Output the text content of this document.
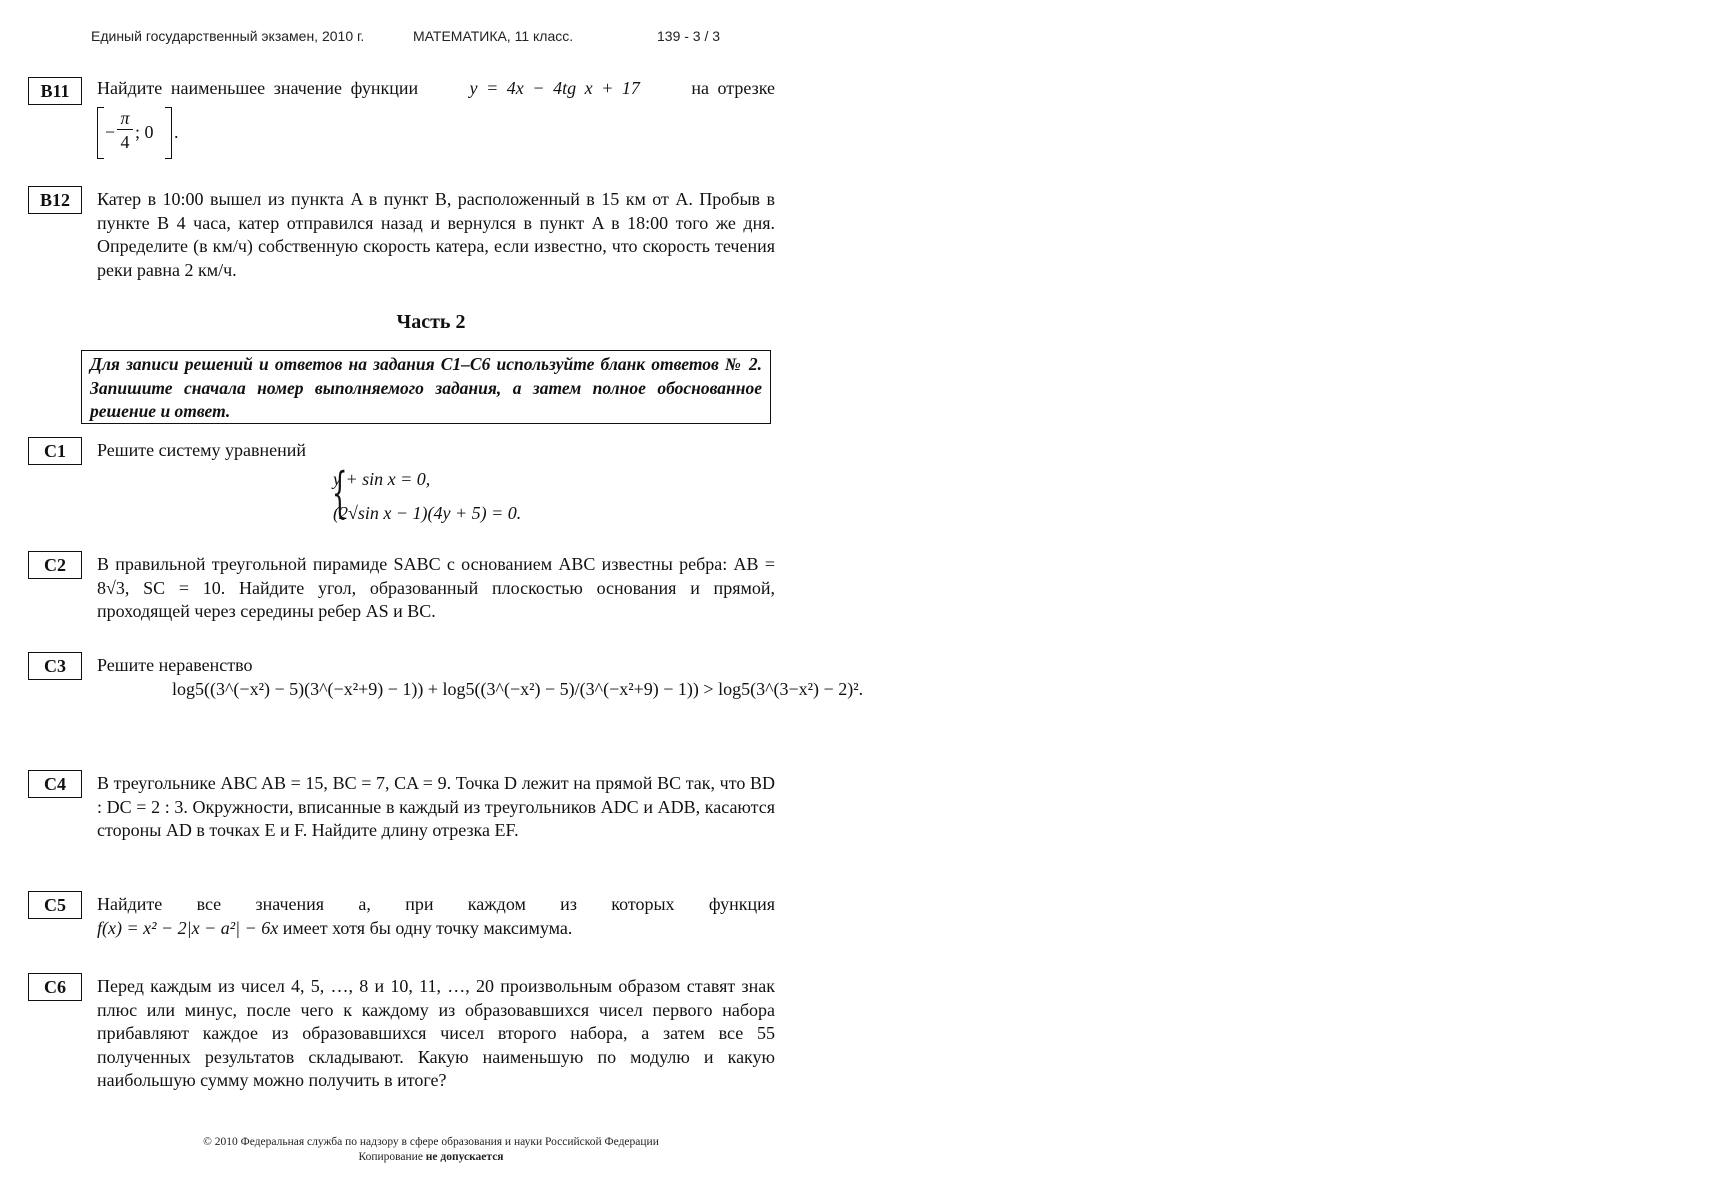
Единый государственный экзамен, 2010 г.	МАТЕМАТИКА, 11 класс.	139 - 3 / 3
B11	Найдите наименьшее значение функции	y = 4x − 4tg x + 17	на отрезке
−
π
4 ; 0 .
B12	Катер в 10:00 вышел из пункта A в пункт B, расположенный в 15 км от A. Пробыв в пункте B 4 часа, катер отправился назад и вернулся в пункт A в 18:00 того же дня. Определите (в км/ч) собственную скорость катера, если известно, что скорость течения реки равна 2 км/ч.
Часть 2
Для записи решений и ответов на задания С1–С6 используйте бланк ответов № 2. Запишите сначала номер выполняемого задания, а затем полное обоснованное решение и ответ.
C1	Решите систему уравнений
{
y + sin x = 0,
(2√sin x − 1)(4y + 5) = 0.
C2	В правильной треугольной пирамиде SABC с основанием ABC известны ребра: AB = 8√3, SC = 10. Найдите угол, образованный плоскостью основания и прямой, проходящей через середины ребер AS и BC.
C3	Решите неравенство
log5((3^(−x²) − 5)(3^(−x²+9) − 1)) + log5((3^(−x²) − 5)/(3^(−x²+9) − 1)) > log5(3^(3−x²) − 2)².
C4	В треугольнике ABC AB = 15, BC = 7, CA = 9. Точка D лежит на прямой BC так, что BD : DC = 2 : 3. Окружности, вписанные в каждый из треугольников ADC и ADB, касаются стороны AD в точках E и F. Найдите длину отрезка EF.
C5	Найдите все значения a, при каждом из которых функция

f(x) = x² − 2|x − a²| − 6x имеет хотя бы одну точку максимума.

C6	Перед каждым из чисел 4, 5, …, 8 и 10, 11, …, 20 произвольным образом ставят знак плюс или минус, после чего к каждому из образовавшихся чисел первого набора прибавляют каждое из образовавшихся чисел второго набора, а затем все 55 полученных результатов складывают. Какую наименьшую по модулю и какую наибольшую сумму можно получить в итоге?
© 2010 Федеральная служба по надзору в сфере образования и науки Российской Федерации
Копирование не допускается
